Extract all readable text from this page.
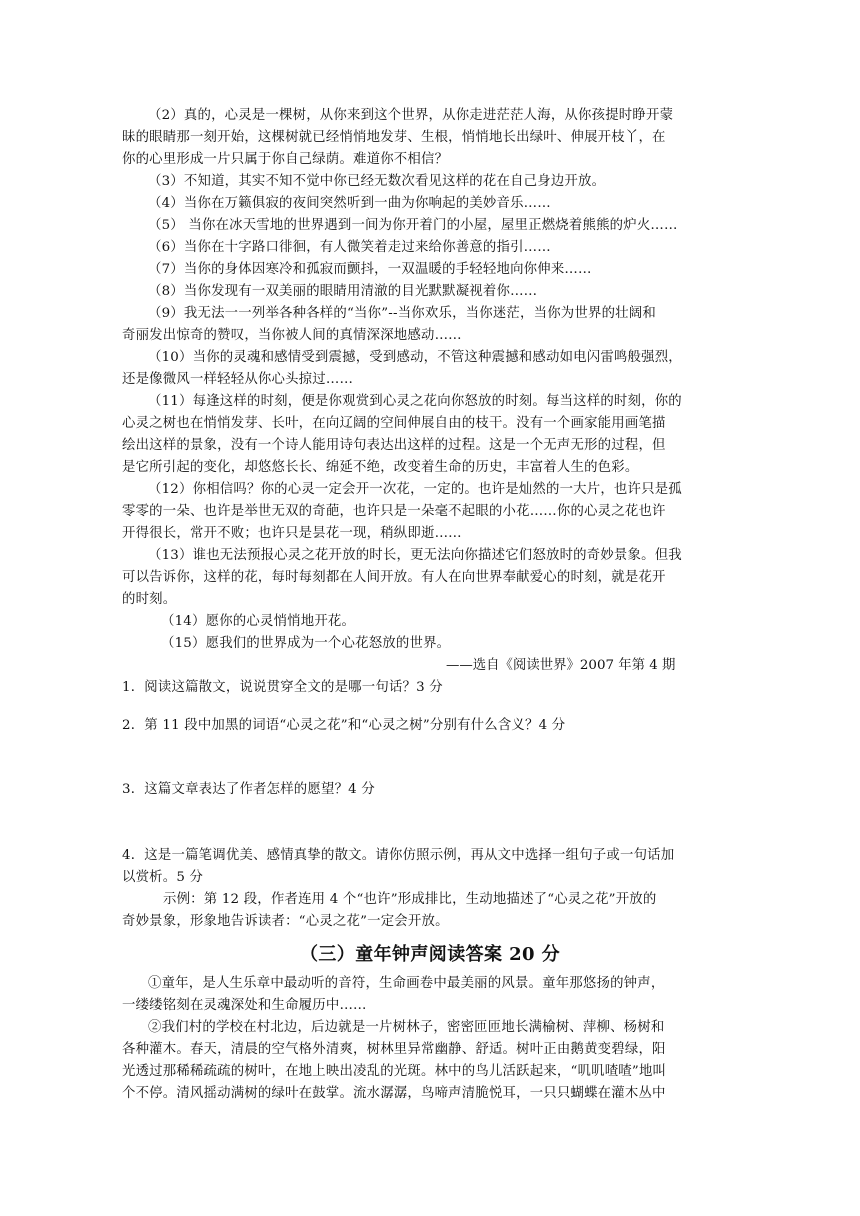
（2）真的，心灵是一棵树，从你来到这个世界，从你走进茫茫人海，从你孩提时睁开蒙
昧的眼睛那一刻开始，这棵树就已经悄悄地发芽、生根，悄悄地长出绿叶、伸展开枝丫，在
你的心里形成一片只属于你自己绿荫。难道你不相信？
（3）不知道，其实不知不觉中你已经无数次看见这样的花在自己身边开放。
（4）当你在万籁俱寂的夜间突然听到一曲为你响起的美妙音乐……
（5） 当你在冰天雪地的世界遇到一间为你开着门的小屋，屋里正燃烧着熊熊的炉火……
（6）当你在十字路口徘徊，有人微笑着走过来给你善意的指引……
（7）当你的身体因寒冷和孤寂而颤抖，一双温暖的手轻轻地向你伸来……
（8）当你发现有一双美丽的眼睛用清澈的目光默默凝视着你……
（9）我无法一一列举各种各样的“当你”--当你欢乐，当你迷茫，当你为世界的壮阔和
奇丽发出惊奇的赞叹，当你被人间的真情深深地感动……
（10）当你的灵魂和感情受到震撼，受到感动，不管这种震撼和感动如电闪雷鸣般强烈，
还是像微风一样轻轻从你心头掠过……
（11）每逢这样的时刻，便是你观赏到心灵之花向你怒放的时刻。每当这样的时刻，你的
心灵之树也在悄悄发芽、长叶，在向辽阔的空间伸展自由的枝干。没有一个画家能用画笔描
绘出这样的景象，没有一个诗人能用诗句表达出这样的过程。这是一个无声无形的过程，但
是它所引起的变化，却悠悠长长、绵延不绝，改变着生命的历史，丰富着人生的色彩。
（12）你相信吗？你的心灵一定会开一次花，一定的。也许是灿然的一大片，也许只是孤
零零的一朵、也许是举世无双的奇葩，也许只是一朵毫不起眼的小花……你的心灵之花也许
开得很长，常开不败；也许只是昙花一现，稍纵即逝……
（13）谁也无法预报心灵之花开放的时长，更无法向你描述它们怒放时的奇妙景象。但我
可以告诉你，这样的花，每时每刻都在人间开放。有人在向世界奉献爱心的时刻，就是花开
的时刻。
（14）愿你的心灵悄悄地开花。
（15）愿我们的世界成为一个心花怒放的世界。
——选自《阅读世界》2007 年第 4 期
1．阅读这篇散文，说说贯穿全文的是哪一句话？3 分
2．第 11 段中加黑的词语“心灵之花”和“心灵之树”分别有什么含义？4 分
3．这篇文章表达了作者怎样的愿望？4 分
4．这是一篇笔调优美、感情真挚的散文。请你仿照示例，再从文中选择一组句子或一句话加
以赏析。5 分
示例：第 12 段，作者连用 4 个“也许”形成排比，生动地描述了“心灵之花”开放的
奇妙景象，形象地告诉读者：“心灵之花”一定会开放。
（三）童年钟声阅读答案 20 分
①童年，是人生乐章中最动听的音符，生命画卷中最美丽的风景。童年那悠扬的钟声，
一缕缕铭刻在灵魂深处和生命履历中……
②我们村的学校在村北边，后边就是一片树林子，密密匝匝地长满榆树、萍柳、杨树和
各种灌木。春天，清晨的空气格外清爽，树林里异常幽静、舒适。树叶正由鹅黄变碧绿，阳
光透过那稀稀疏疏的树叶，在地上映出凌乱的光斑。林中的鸟儿活跃起来，“叽叽喳喳”地叫
个不停。清风摇动满树的绿叶在鼓掌。流水潺潺，鸟啼声清脆悦耳，一只只蝴蝶在灌木丛中
